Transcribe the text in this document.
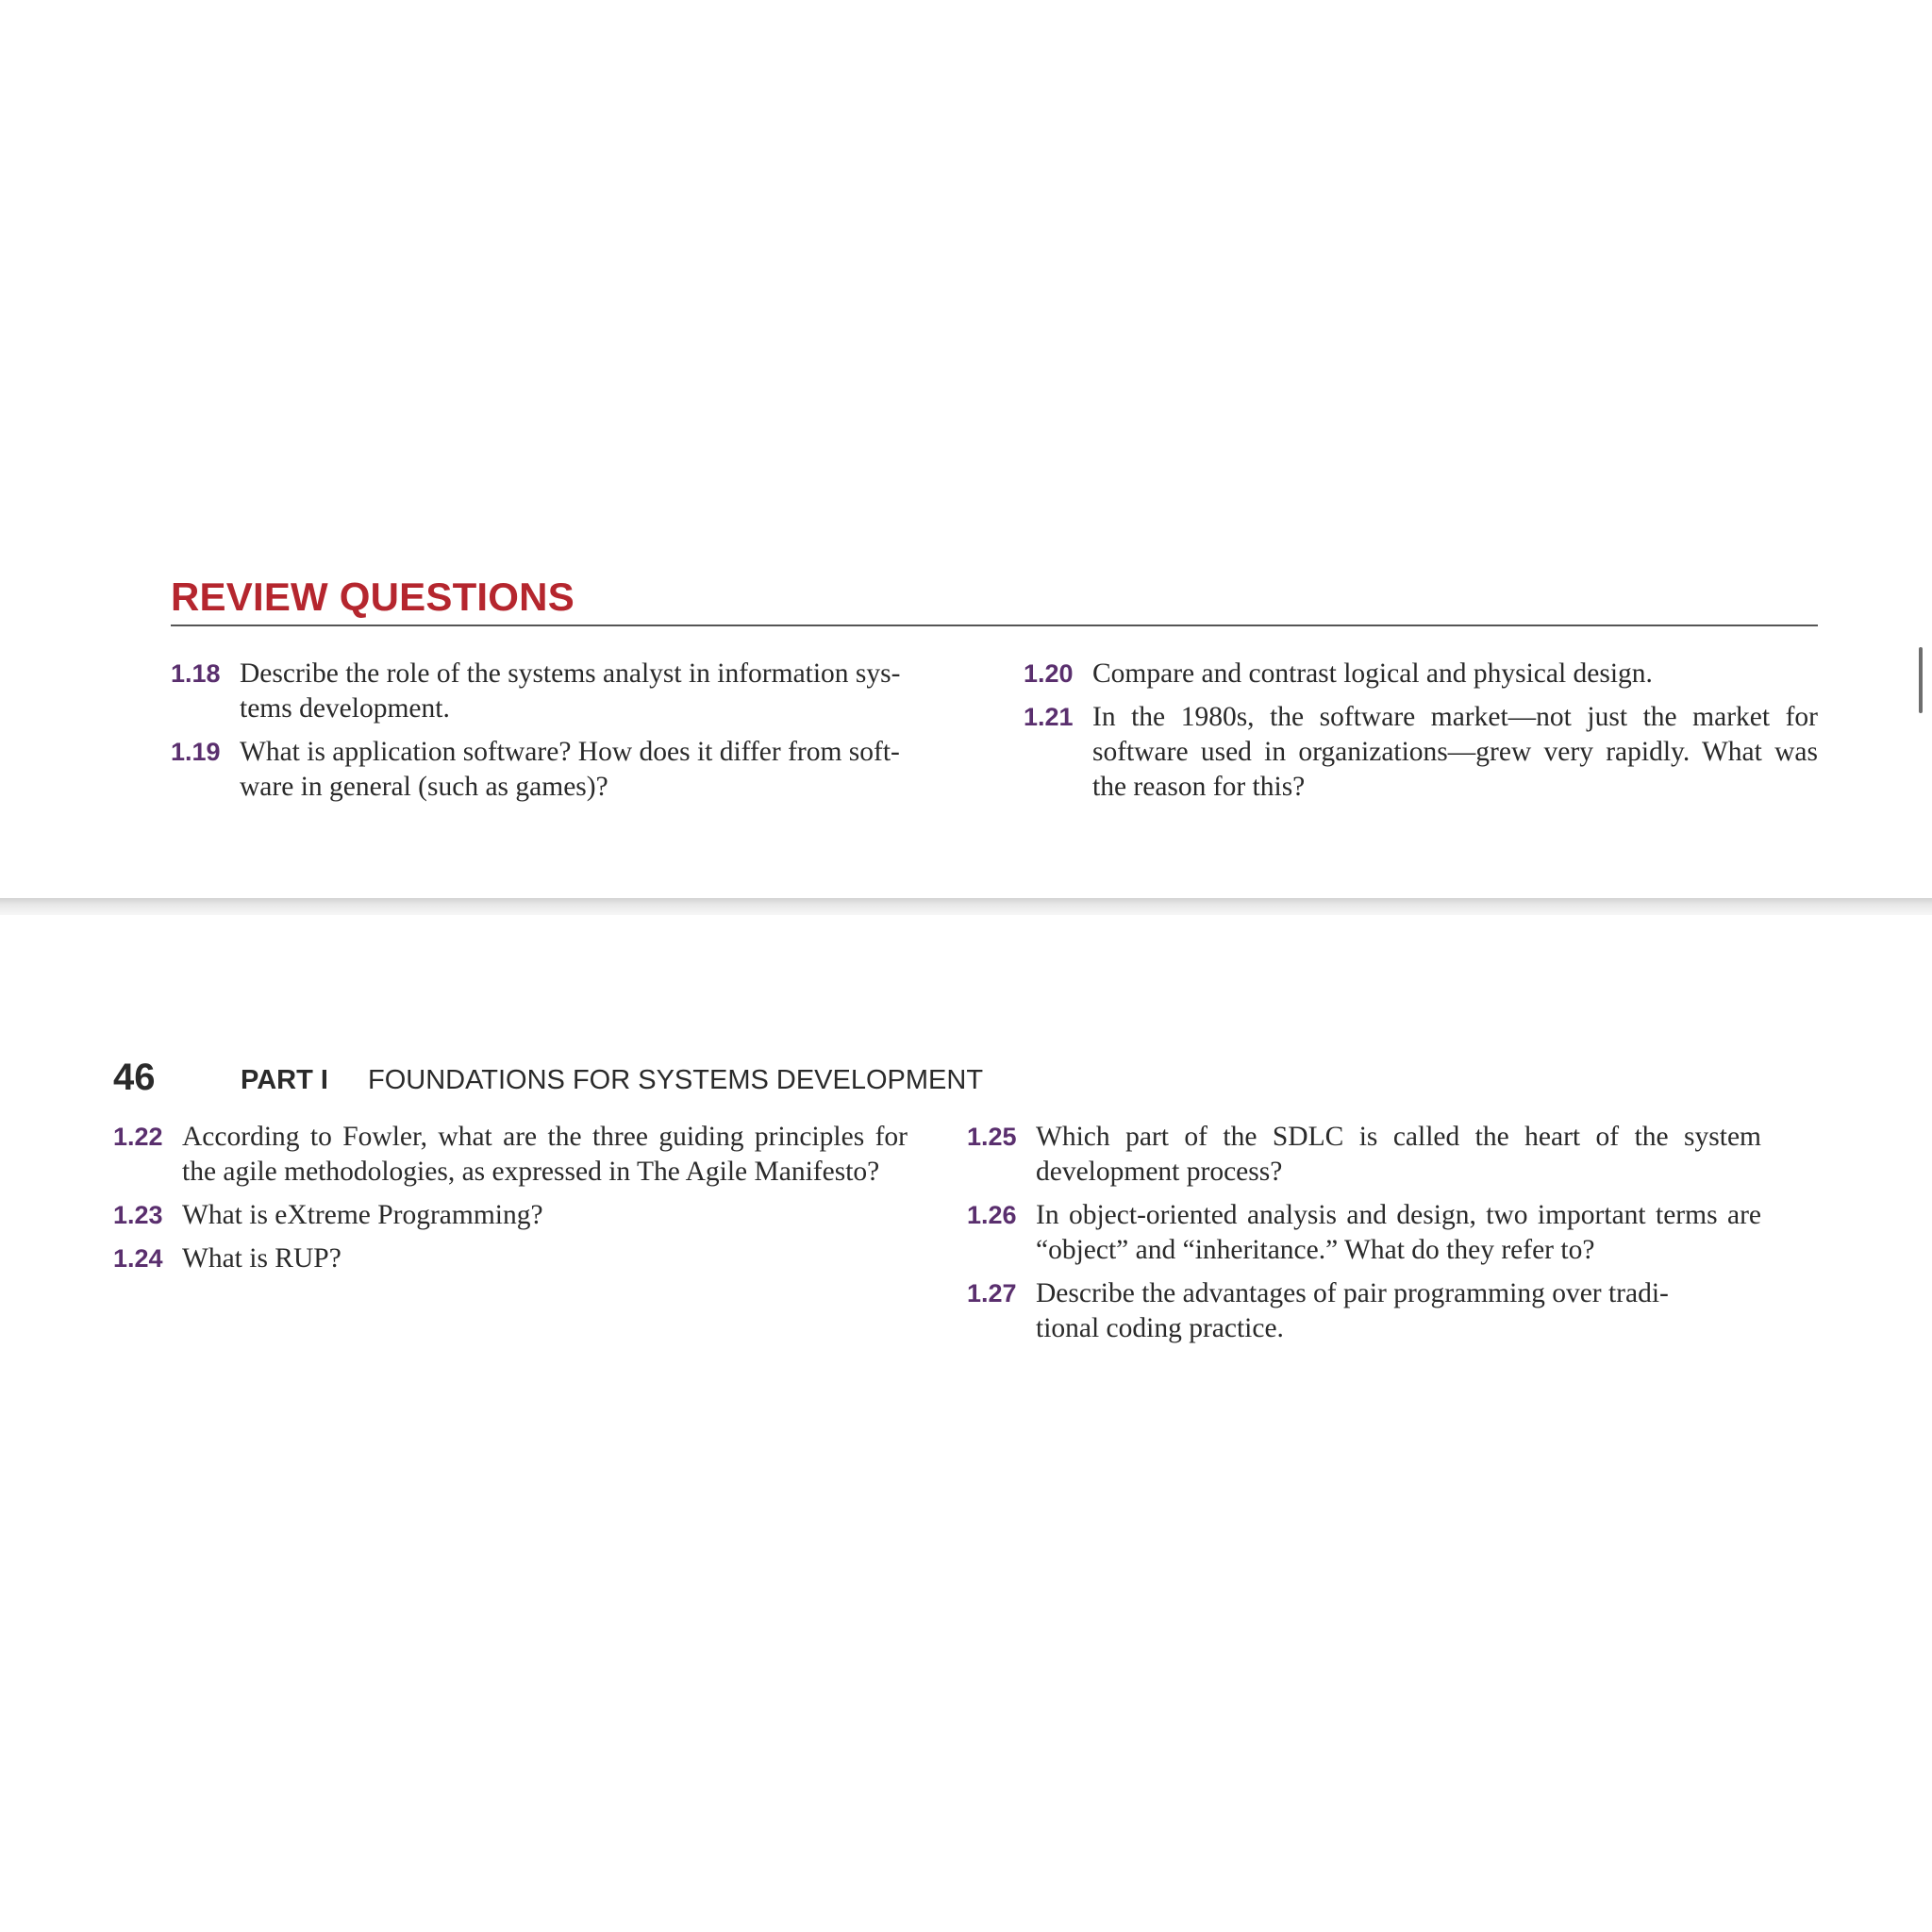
REVIEW QUESTIONS
1.18 Describe the role of the systems analyst in information sys-
tems development.
1.19 What is application software? How does it differ from soft-
ware in general (such as games)?
1.20 Compare and contrast logical and physical design.
1.21 In the 1980s, the software market—not just the market for software used in organizations—grew very rapidly. What was the reason for this?
46	PART I FOUNDATIONS FOR SYSTEMS DEVELOPMENT
1.22 According to Fowler, what are the three guiding principles for the agile methodologies, as expressed in The Agile Manifesto?
1.23 What is eXtreme Programming?
1.24 What is RUP?
1.25 Which part of the SDLC is called the heart of the system development process?
1.26 In object-oriented analysis and design, two important terms are “object” and “inheritance.” What do they refer to?
1.27 Describe the advantages of pair programming over tradi-
tional coding practice.
